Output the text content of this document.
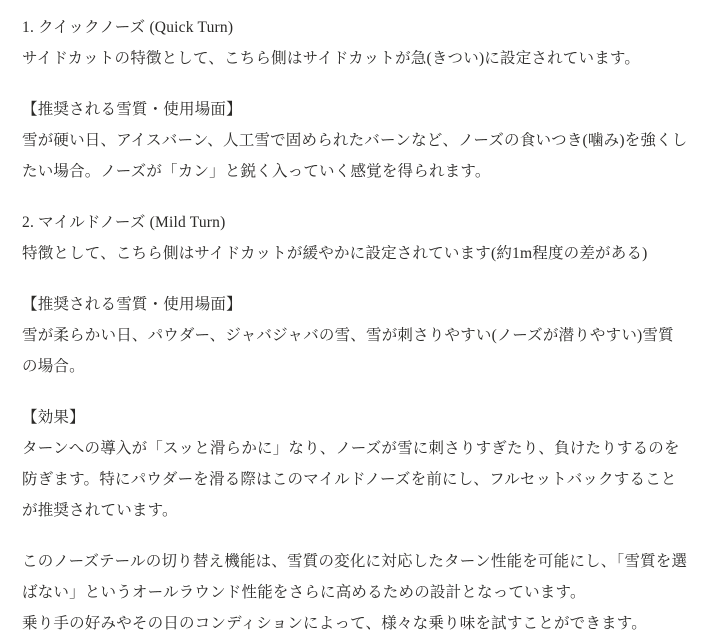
1. クイックノーズ (Quick Turn)

サイドカットの特徴として、こちら側はサイドカットが急(きつい)に設定されています。

【推奨される雪質・使用場面】

雪が硬い日、アイスバーン、人工雪で固められたバーンなど、ノーズの食いつき(噛み)を強くしたい場合。ノーズが「カン」と鋭く入っていく感覚を得られます。

2. マイルドノーズ (Mild Turn)

特徴として、こちら側はサイドカットが緩やかに設定されています(約1m程度の差がある)

【推奨される雪質・使用場面】

雪が柔らかい日、パウダー、ジャバジャバの雪、雪が刺さりやすい(ノーズが潜りやすい)雪質の場合。

【効果】

ターンへの導入が「スッと滑らかに」なり、ノーズが雪に刺さりすぎたり、負けたりするのを防ぎます。特にパウダーを滑る際はこのマイルドノーズを前にし、フルセットバックすることが推奨されています。

このノーズテールの切り替え機能は、雪質の変化に対応したターン性能を可能にし、「雪質を選ばない」というオールラウンド性能をさらに高めるための設計となっています。

乗り手の好みやその日のコンディションによって、様々な乗り味を試すことができます。
